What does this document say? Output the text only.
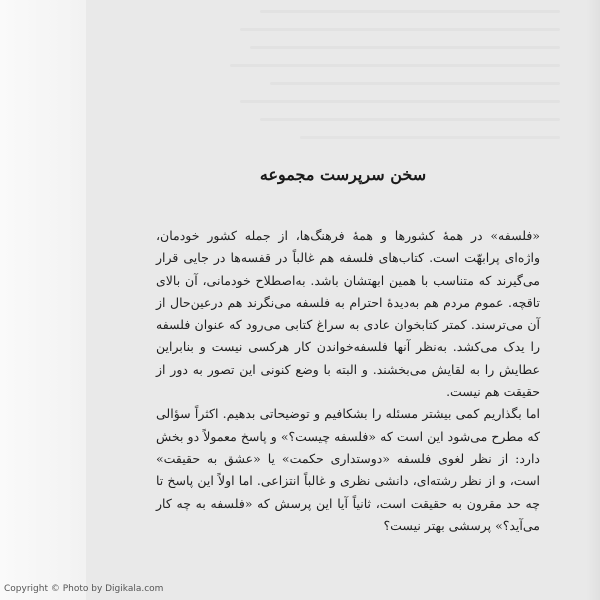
سخن سرپرست مجموعه

«فلسفه» در همهٔ کشورها و همهٔ فرهنگ‌ها، از جمله کشور خودمان، واژه‌ای پرابهّت است. کتاب‌های فلسفه هم غالباً در قفسه‌ها در جایی قرار می‌گیرند که متناسب با همین ابهتشان باشد. به‌اصطلاح خودمانی، آن بالای تاقچه. عموم مردم هم به‌دیدهٔ احترام به فلسفه می‌نگرند هم درعین‌حال از آن می‌ترسند. کمتر کتابخوان عادی به سراغ کتابی می‌رود که عنوان فلسفه را یدک می‌کشد. به‌نظر آنها فلسفه‌خواندن کار هرکسی نیست و بنابراین عطایش را به لقایش می‌بخشند. و البته با وضع کنونی این تصور به دور از حقیقت هم نیست.

اما بگذاریم کمی بیشتر مسئله را بشکافیم و توضیحاتی بدهیم. اکثراً سؤالی که مطرح می‌شود این است که «فلسفه چیست؟» و پاسخ معمولاً دو بخش دارد: از نظر لغوی فلسفه «دوستداری حکمت» یا «عشق به حقیقت» است، و از نظر رشته‌ای، دانشی نظری و غالباً انتزاعی. اما اولاً این پاسخ تا چه حد مقرون به حقیقت است، ثانیاً آیا این پرسش که «فلسفه به چه کار می‌آید؟» پرسشی بهتر نیست؟

Copyright © Photo by Digikala.com
